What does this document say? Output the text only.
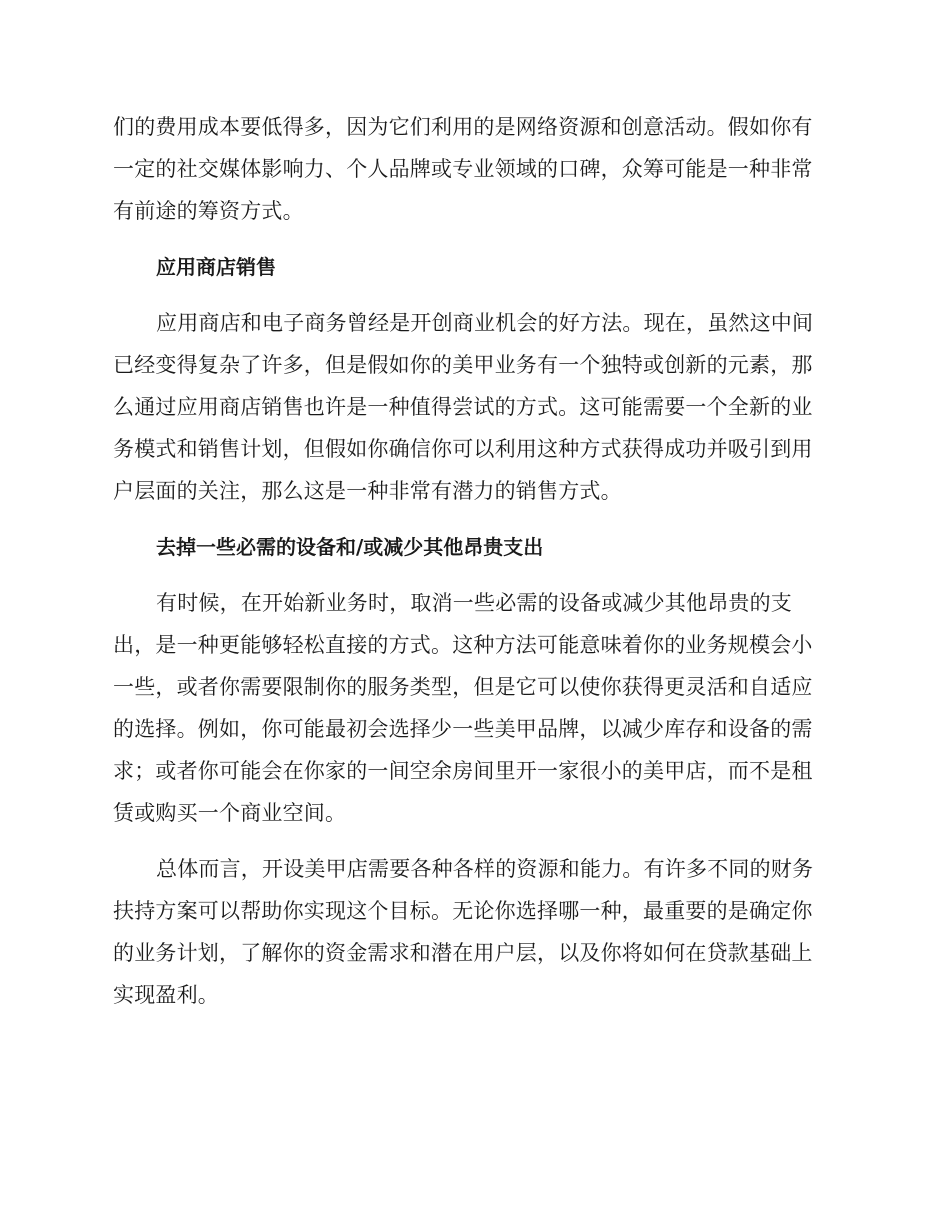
们的费用成本要低得多，因为它们利用的是网络资源和创意活动。假如你有
一定的社交媒体影响力、个人品牌或专业领域的口碑，众筹可能是一种非常
有前途的筹资方式。
应用商店销售
应用商店和电子商务曾经是开创商业机会的好方法。现在，虽然这中间
已经变得复杂了许多，但是假如你的美甲业务有一个独特或创新的元素，那
么通过应用商店销售也许是一种值得尝试的方式。这可能需要一个全新的业
务模式和销售计划，但假如你确信你可以利用这种方式获得成功并吸引到用
户层面的关注，那么这是一种非常有潜力的销售方式。
去掉一些必需的设备和/或减少其他昂贵支出
有时候，在开始新业务时，取消一些必需的设备或减少其他昂贵的支
出，是一种更能够轻松直接的方式。这种方法可能意味着你的业务规模会小
一些，或者你需要限制你的服务类型，但是它可以使你获得更灵活和自适应
的选择。例如，你可能最初会选择少一些美甲品牌，以减少库存和设备的需
求；或者你可能会在你家的一间空余房间里开一家很小的美甲店，而不是租
赁或购买一个商业空间。
总体而言，开设美甲店需要各种各样的资源和能力。有许多不同的财务
扶持方案可以帮助你实现这个目标。无论你选择哪一种，最重要的是确定你
的业务计划，了解你的资金需求和潜在用户层，以及你将如何在贷款基础上
实现盈利。
